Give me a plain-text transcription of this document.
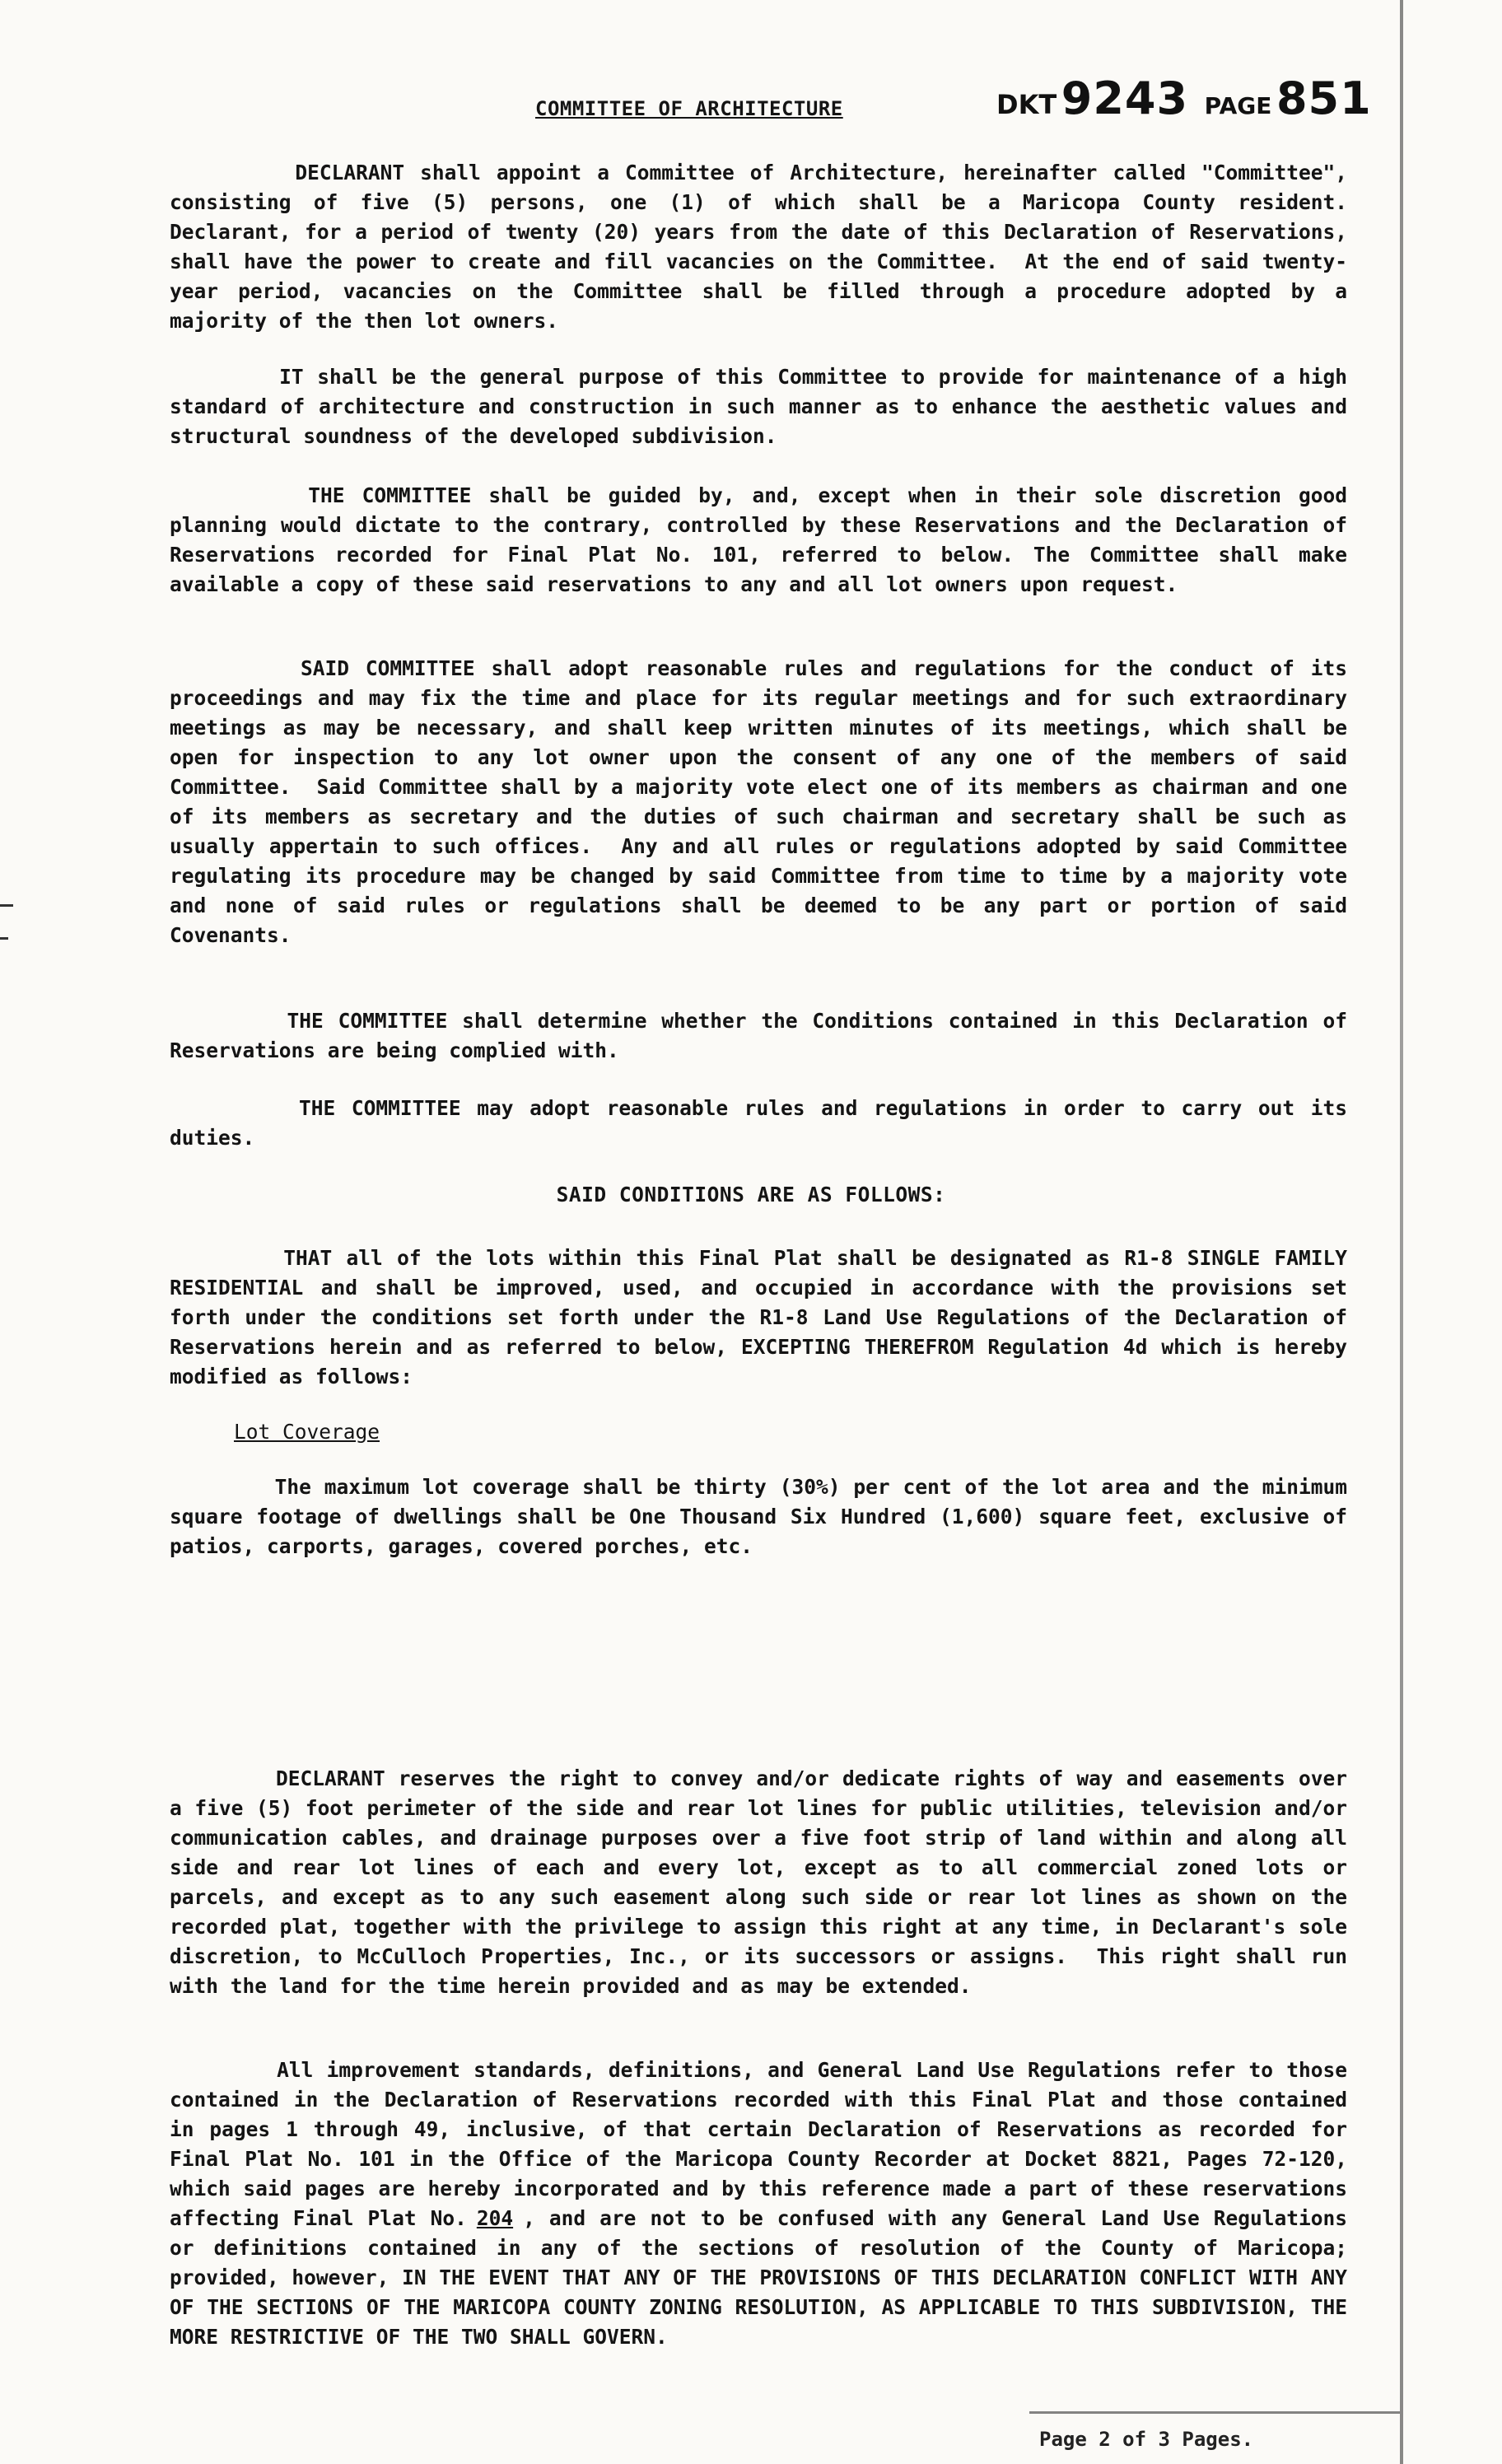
COMMITTEE OF ARCHITECTURE	DKT 9243 PAGE 851

DECLARANT shall appoint a Committee of Architecture, hereinafter called "Committee", consisting of five (5) persons, one (1) of which shall be a Maricopa County resident.  Declarant, for a period of twenty (20) years from the date of this Declaration of Reservations, shall have the power to create and fill vacancies on the Committee.  At the end of said twenty-year period, vacancies on the Committee shall be filled through a procedure adopted by a majority of the then lot owners.

IT shall be the general purpose of this Committee to provide for maintenance of a high standard of architecture and construction in such manner as to enhance the aesthetic values and structural soundness of the developed subdivision.

THE COMMITTEE shall be guided by, and, except when in their sole discretion good planning would dictate to the contrary, controlled by these Reservations and the Declaration of Reservations recorded for Final Plat No. 101, referred to below. The Committee shall make available a copy of these said reservations to any and all lot owners upon request.

SAID COMMITTEE shall adopt reasonable rules and regulations for the conduct of its proceedings and may fix the time and place for its regular meetings and for such extraordinary meetings as may be necessary, and shall keep written minutes of its meetings, which shall be open for inspection to any lot owner upon the consent of any one of the members of said Committee.  Said Committee shall by a majority vote elect one of its members as chairman and one of its members as secretary and the duties of such chairman and secretary shall be such as usually appertain to such offices.  Any and all rules or regulations adopted by said Committee regulating its procedure may be changed by said Committee from time to time by a majority vote and none of said rules or regulations shall be deemed to be any part or portion of said Covenants.

THE COMMITTEE shall determine whether the Conditions contained in this Declaration of Reservations are being complied with.

THE COMMITTEE may adopt reasonable rules and regulations in order to carry out its duties.

SAID CONDITIONS ARE AS FOLLOWS:

THAT all of the lots within this Final Plat shall be designated as R1-8 SINGLE FAMILY RESIDENTIAL and shall be improved, used, and occupied in accordance with the provisions set forth under the conditions set forth under the R1-8 Land Use Regulations of the Declaration of Reservations herein and as referred to below, EXCEPTING THEREFROM Regulation 4d which is hereby modified as follows:

Lot Coverage

The maximum lot coverage shall be thirty (30%) per cent of the lot area and the minimum square footage of dwellings shall be One Thousand Six Hundred (1,600) square feet, exclusive of patios, carports, garages, covered porches, etc.

DECLARANT reserves the right to convey and/or dedicate rights of way and easements over a five (5) foot perimeter of the side and rear lot lines for public utilities, television and/or communication cables, and drainage purposes over a five foot strip of land within and along all side and rear lot lines of each and every lot, except as to all commercial zoned lots or parcels, and except as to any such easement along such side or rear lot lines as shown on the recorded plat, together with the privilege to assign this right at any time, in Declarant's sole discretion, to McCulloch Properties, Inc., or its successors or assigns.  This right shall run with the land for the time herein provided and as may be extended.

All improvement standards, definitions, and General Land Use Regulations refer to those contained in the Declaration of Reservations recorded with this Final Plat and those contained in pages 1 through 49, inclusive, of that certain Declaration of Reservations as recorded for Final Plat No. 101 in the Office of the Maricopa County Recorder at Docket 8821, Pages 72-120, which said pages are hereby incorporated and by this reference made a part of these reservations affecting Final Plat No. 204 , and are not to be confused with any General Land Use Regulations or definitions contained in any of the sections of resolution of the County of Maricopa; provided, however, IN THE EVENT THAT ANY OF THE PROVISIONS OF THIS DECLARATION CONFLICT WITH ANY OF THE SECTIONS OF THE MARICOPA COUNTY ZONING RESOLUTION, AS APPLICABLE TO THIS SUBDIVISION, THE MORE RESTRICTIVE OF THE TWO SHALL GOVERN.

Page 2 of 3 Pages.
